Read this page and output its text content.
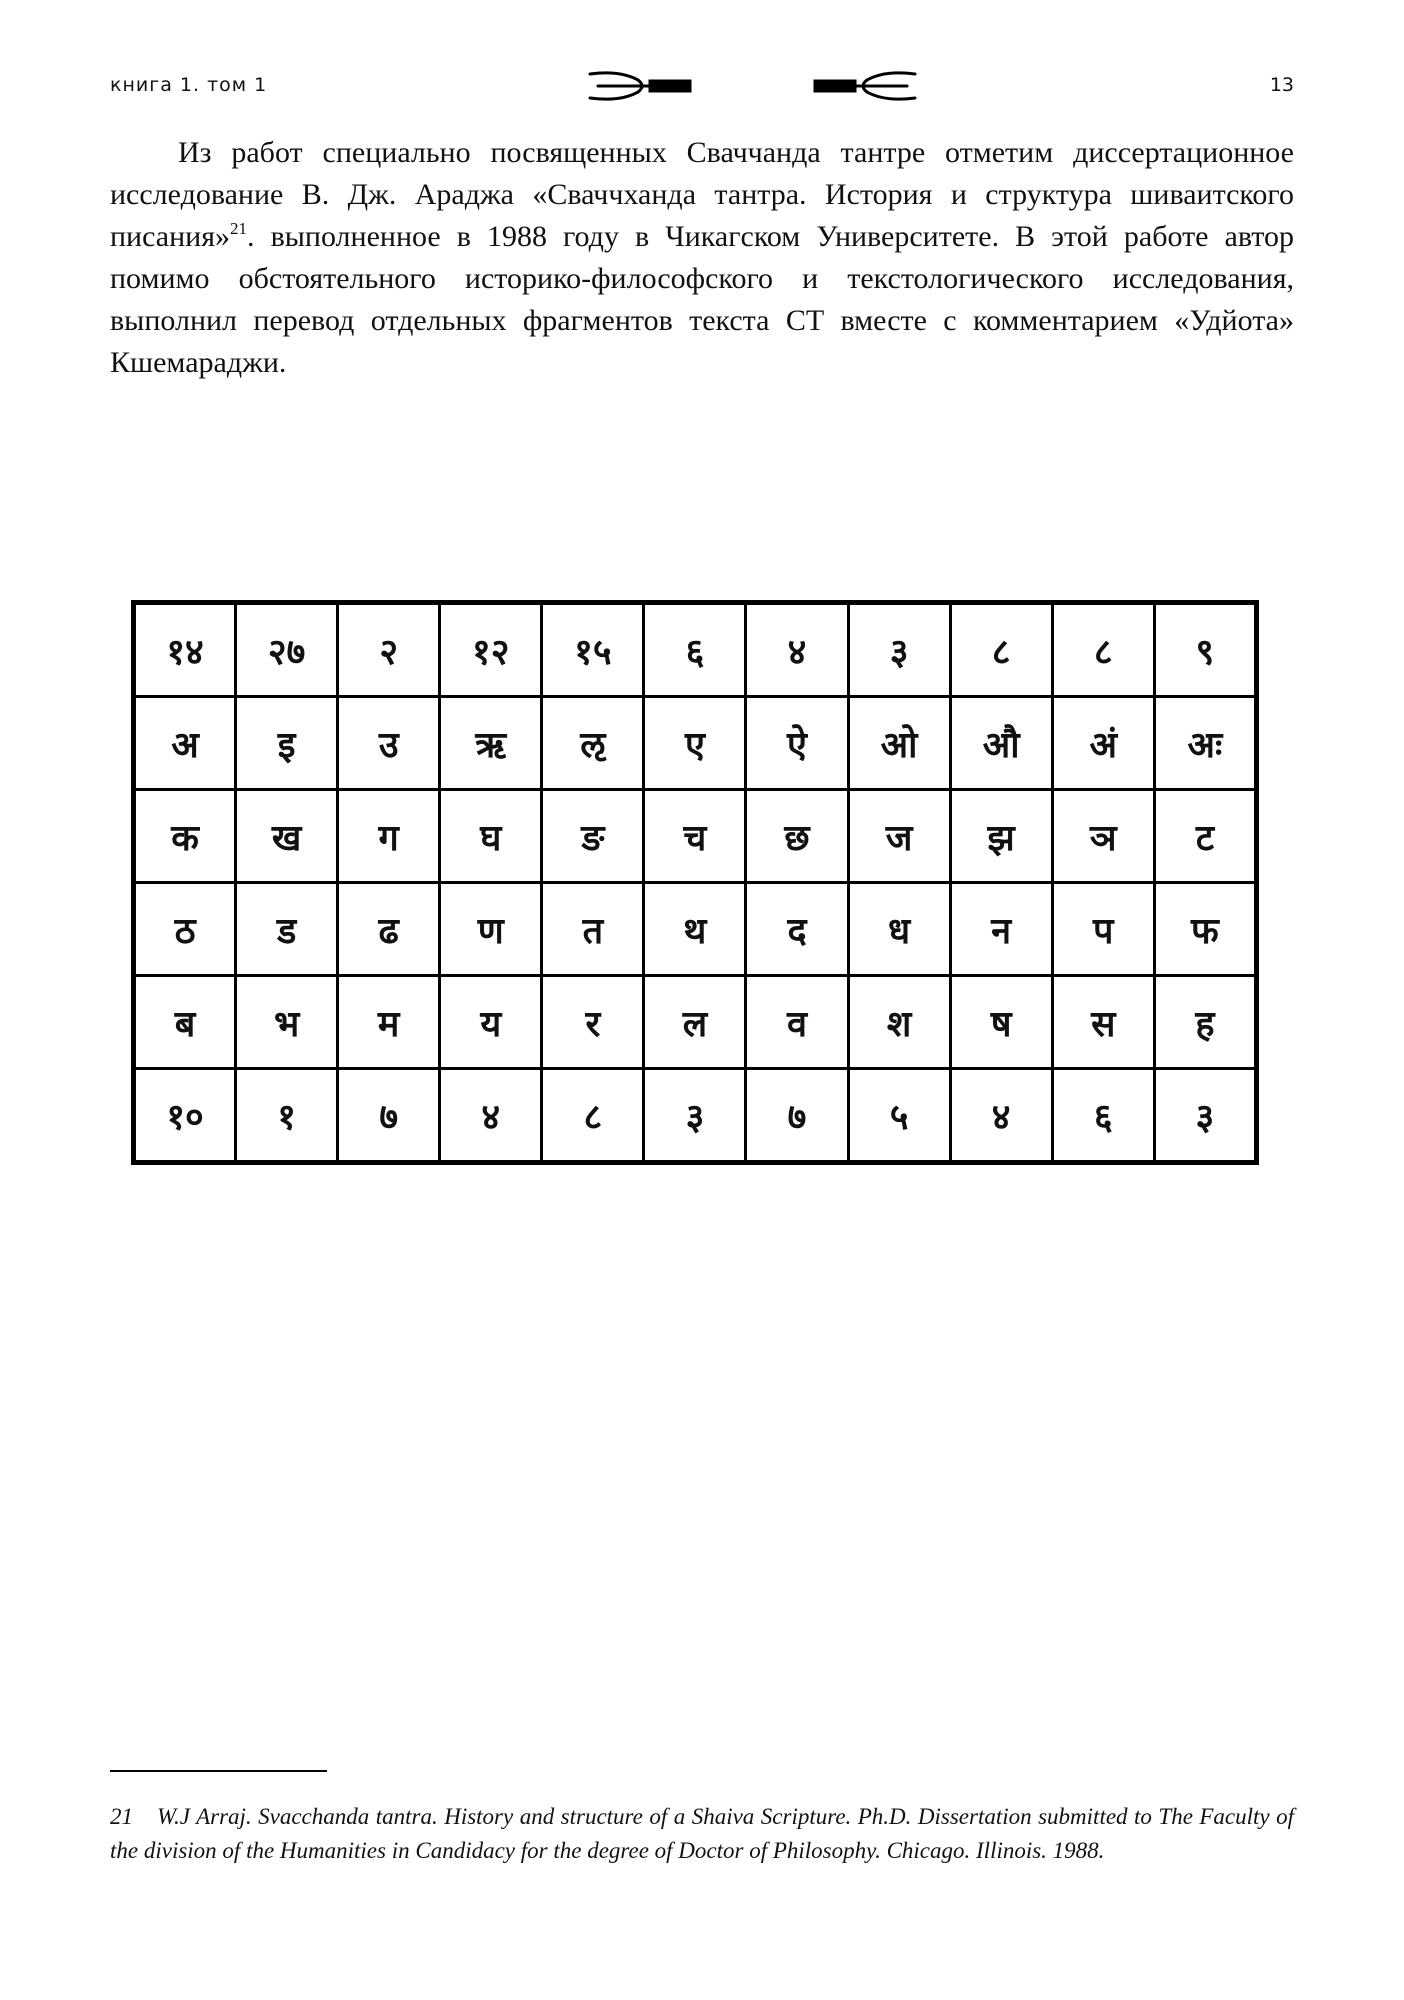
книга 1. том 1	13

Из работ специально посвященных Сваччанда тантре отметим диссертационное исследование В. Дж. Араджа «Сваччханда тантра. История и структура шиваитского писания»$^{21}$. выполненное в 1988 году в Чикагском Университете. В этой работе автор помимо обстоятельного историко-философского и текстологического исследования, выполнил перевод отдельных фрагментов текста СТ вместе с комментарием «Удйота» Кшемараджи.

१४	२७	२	१२	१५	६	४	३	८	८	९
अ	इ	उ	ऋ	ऌ	ए	ऐ	ओ	औ	अं	अः
क	ख	ग	घ	ङ	च	छ	ज	झ	ञ	ट
ठ	ड	ढ	ण	त	थ	द	ध	न	प	फ
ब	भ	म	य	र	ल	व	श	ष	स	ह
१०	१	७	४	८	३	७	५	४	६	३

21 W.J Arraj. Svacchanda tantra. History and structure of a Shaiva Scripture. Ph.D. Dissertation submitted to The Faculty of the division of the Humanities in Candidacy for the degree of Doctor of Philosophy. Chicago. Illinois. 1988.
